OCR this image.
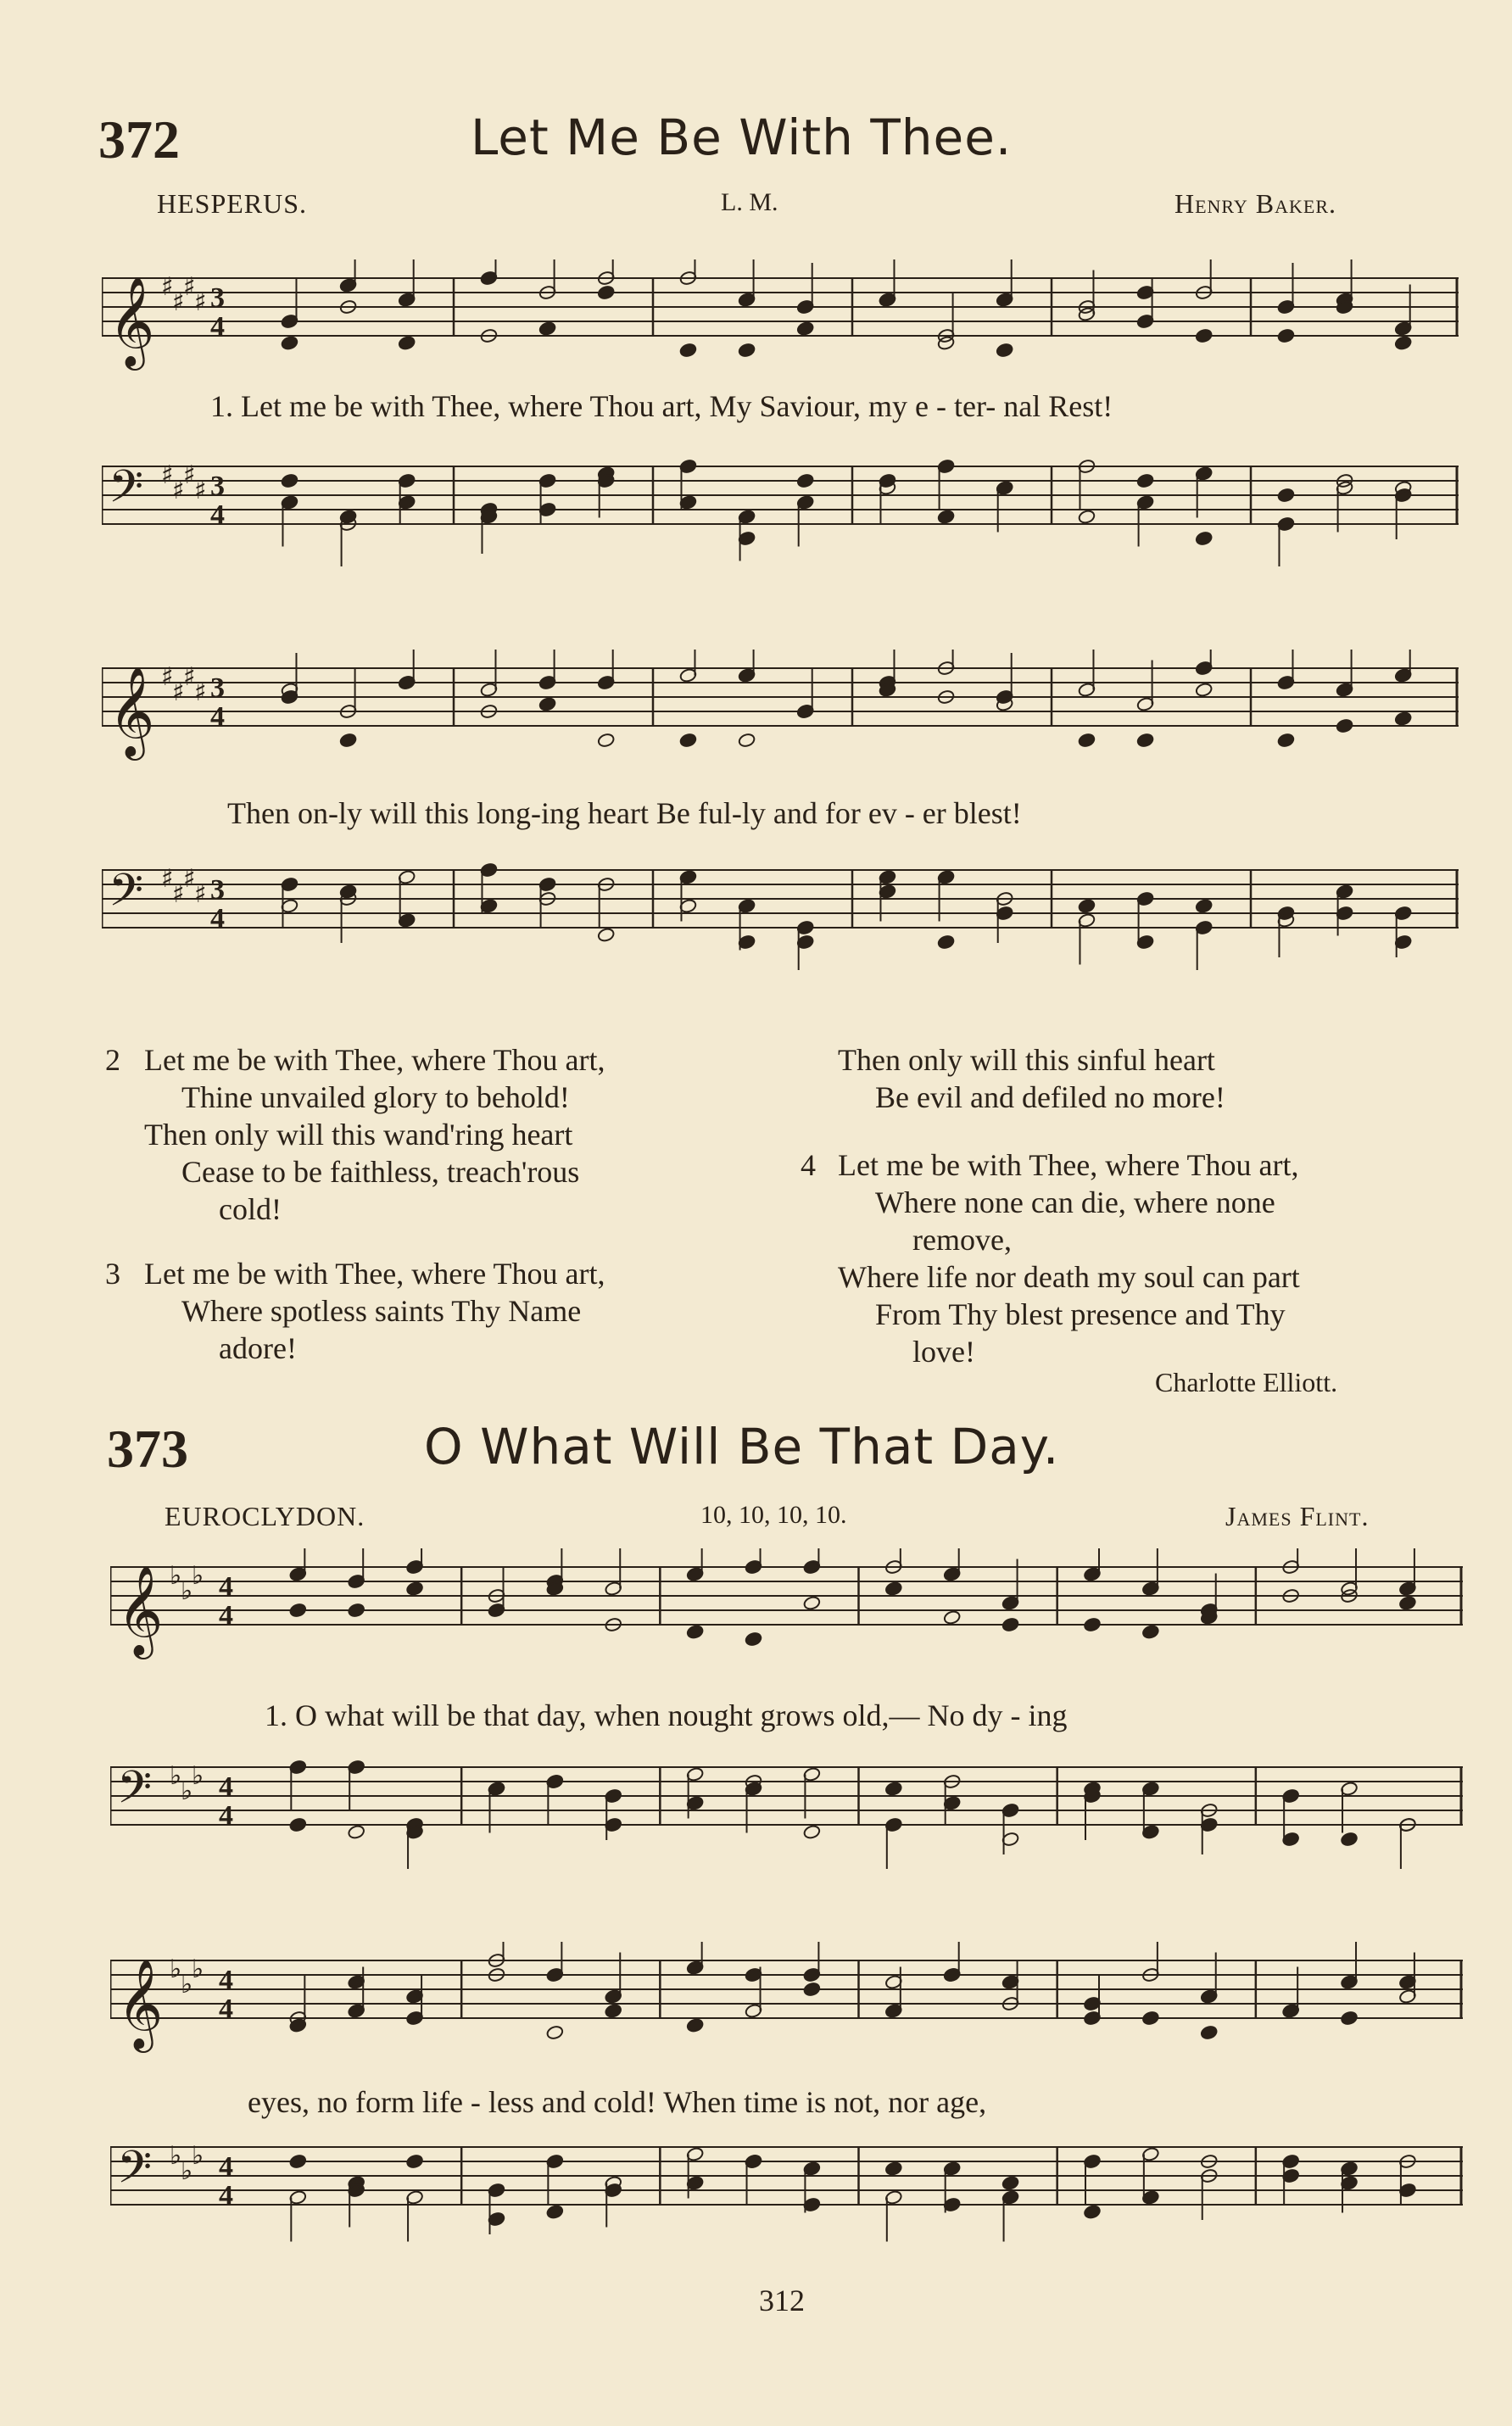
372	Let Me Be With Thee.
HESPERUS.	L. M.	Henry Baker.
𝄞 ♯
♯
♯
♯ 3
4
1. Let me be with Thee, where Thou art, My Saviour, my e - ter- nal Rest!
𝄢 ♯
♯
♯
♯ 3
4
𝄞 ♯
♯
♯
♯ 3
4
Then on-ly will this long-ing heart Be ful-ly and for ev - er blest!
𝄢 ♯
♯
♯
♯ 3
4
2 Let me be with Thee, where Thou art,
Thine unvailed glory to behold!
Then only will this wand'ring heart
Cease to be faithless, treach'rous
cold!
3 Let me be with Thee, where Thou art,
Where spotless saints Thy Name
adore!
Then only will this sinful heart
Be evil and defiled no more!
4 Let me be with Thee, where Thou art,
Where none can die, where none
remove,
Where life nor death my soul can part
From Thy blest presence and Thy
love!
Charlotte Elliott.
373	O What Will Be That Day.
EUROCLYDON.	10, 10, 10, 10.	James Flint.
𝄞 ♭
♭
♭ 4
4
1. O what will be that day, when nought grows old,— No dy - ing
𝄢 ♭
♭
♭ 4
4
𝄞 ♭
♭
♭ 4
4
eyes, no form life - less and cold! When time is not, nor age,
𝄢 ♭
♭
♭ 4
4
312
